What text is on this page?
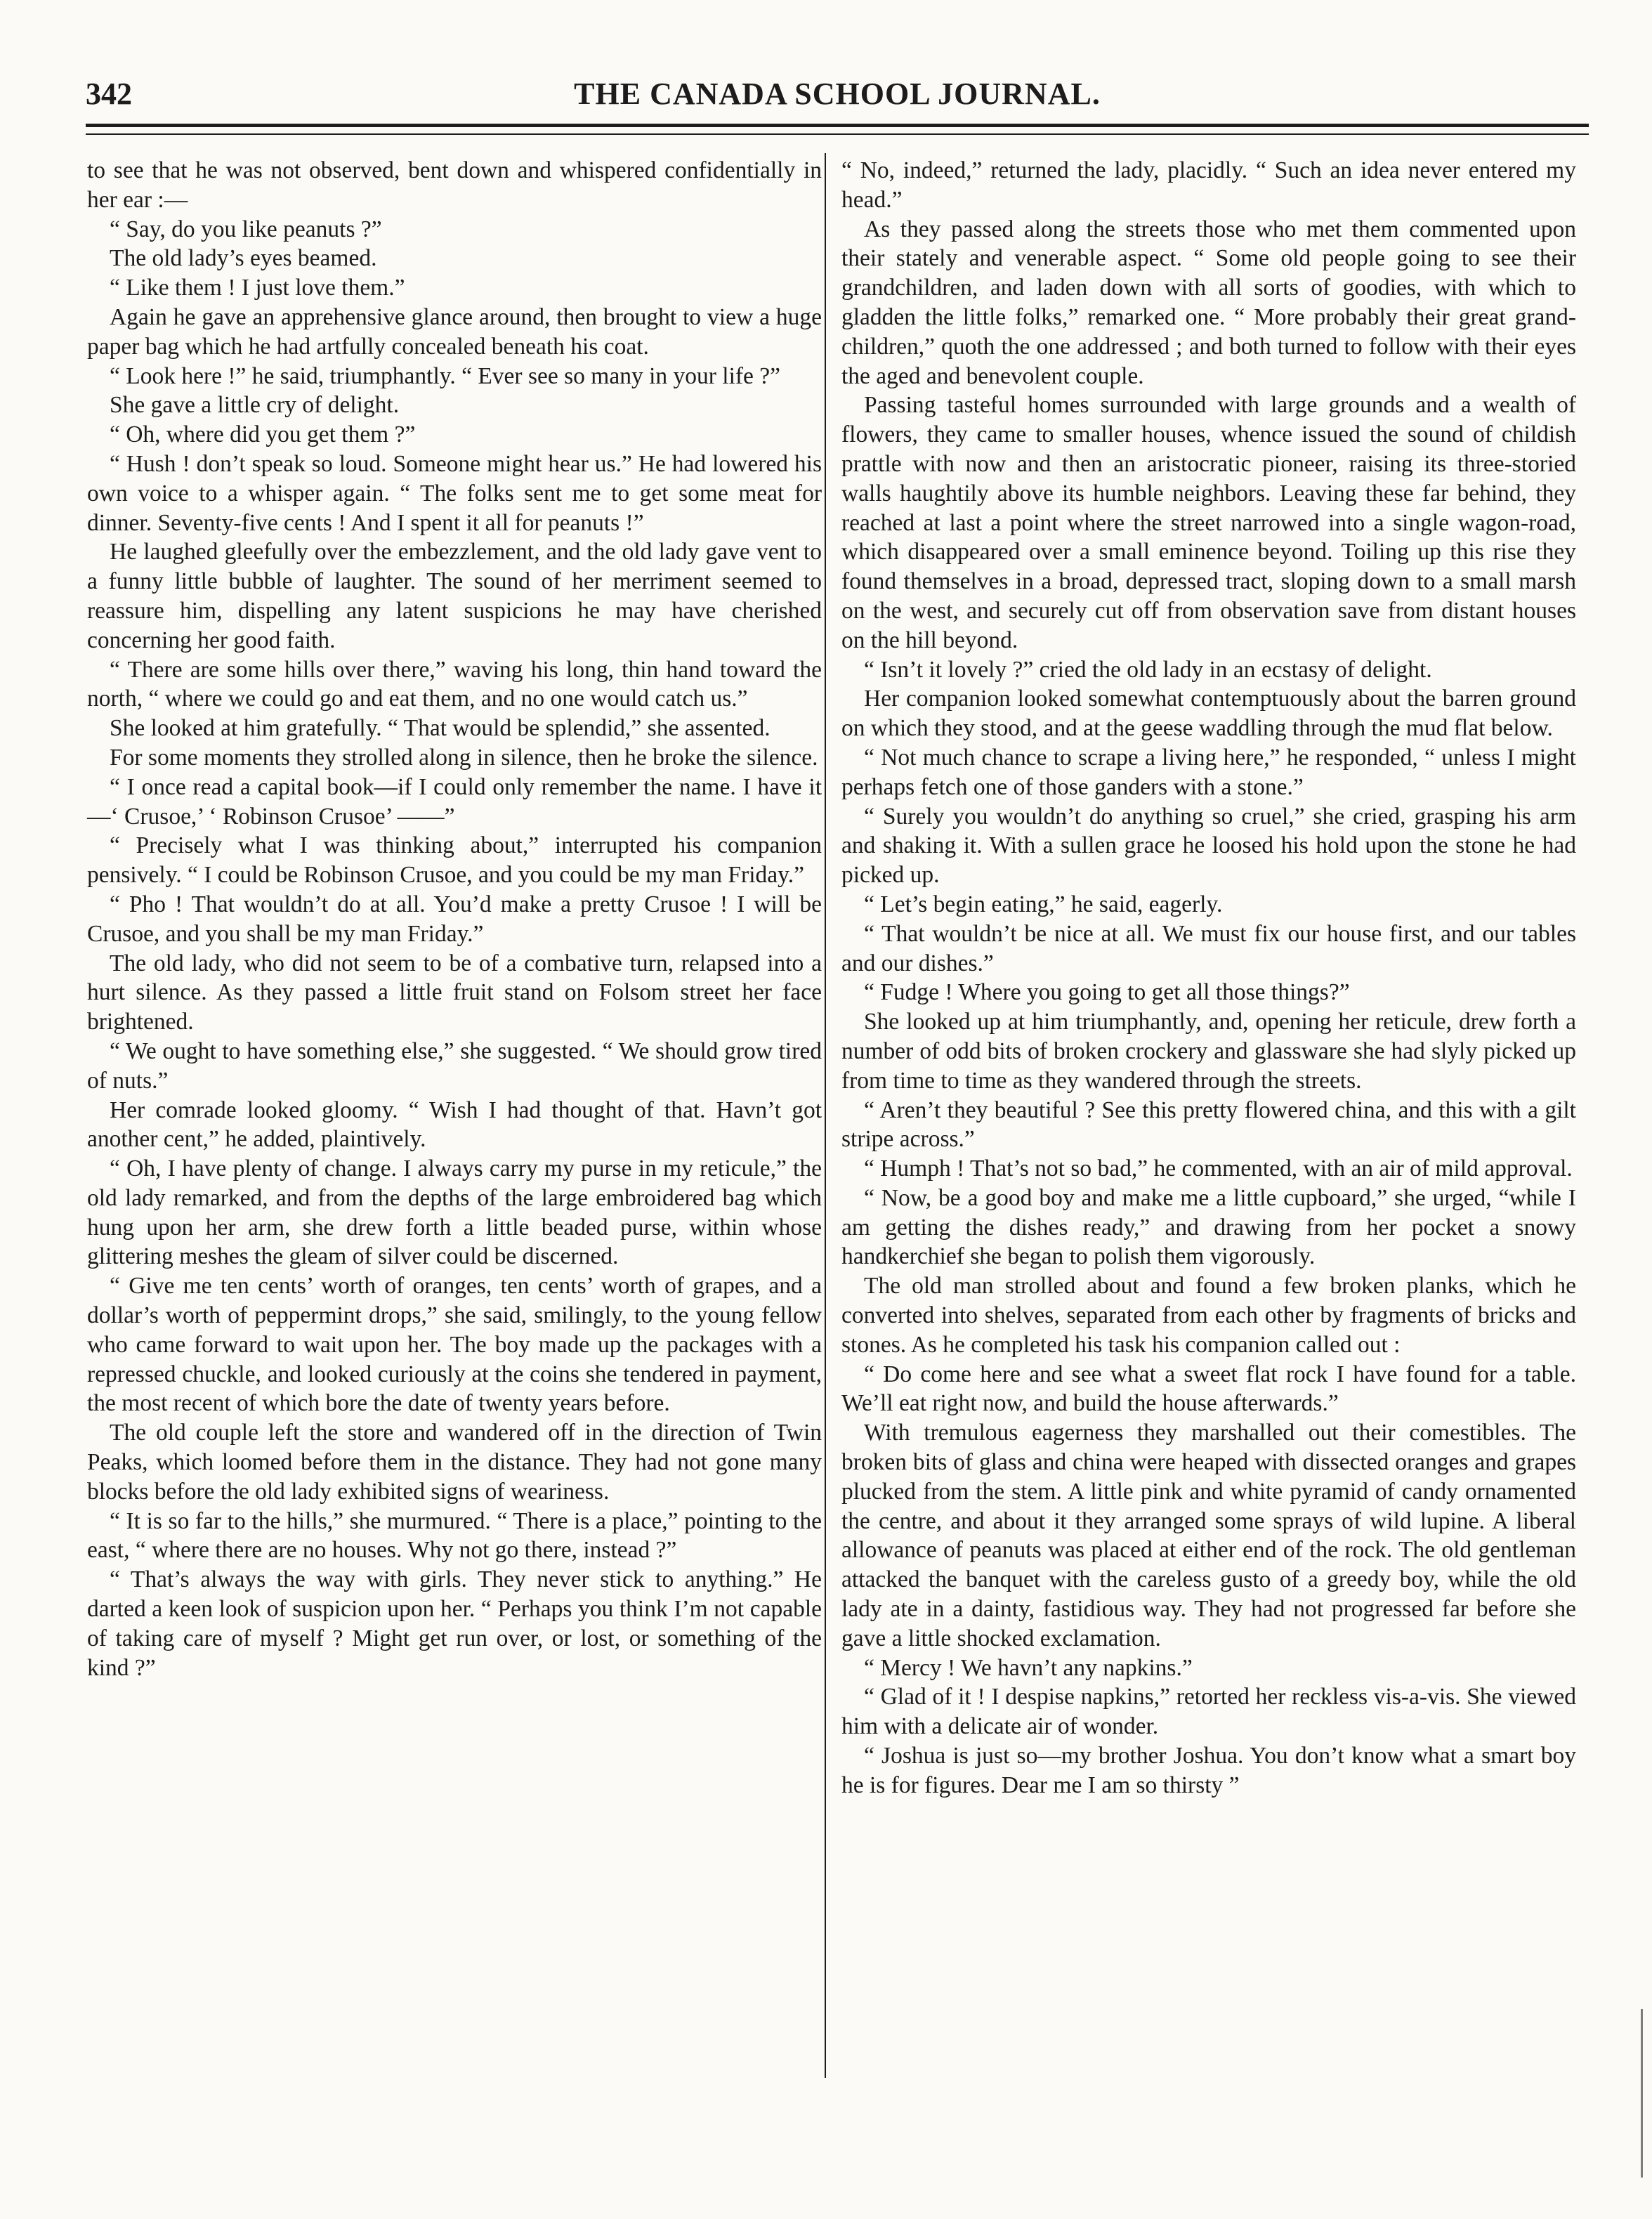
342	THE CANADA SCHOOL JOURNAL.

to see that he was not observed, bent down and whispered confidentially in her ear :—

“ Say, do you like peanuts ?”

The old lady’s eyes beamed.

“ Like them ! I just love them.”

Again he gave an apprehensive glance around, then brought to view a huge paper bag which he had artfully concealed beneath his coat.

“ Look here !” he said, triumphantly. “ Ever see so many in your life ?”

She gave a little cry of delight.

“ Oh, where did you get them ?”

“ Hush ! don’t speak so loud. Someone might hear us.” He had lowered his own voice to a whisper again. “ The folks sent me to get some meat for dinner. Seventy-five cents ! And I spent it all for peanuts !”

He laughed gleefully over the embezzlement, and the old lady gave vent to a funny little bubble of laughter. The sound of her merriment seemed to reassure him, dispelling any latent suspicions he may have cherished concerning her good faith.

“ There are some hills over there,” waving his long, thin hand toward the north, “ where we could go and eat them, and no one would catch us.”

She looked at him gratefully. “ That would be splendid,” she assented.

For some moments they strolled along in silence, then he broke the silence.

“ I once read a capital book—if I could only remember the name. I have it—‘ Crusoe,’ ‘ Robinson Crusoe’ ——”

“ Precisely what I was thinking about,” interrupted his companion pensively. “ I could be Robinson Crusoe, and you could be my man Friday.”

“ Pho ! That wouldn’t do at all. You’d make a pretty Crusoe ! I will be Crusoe, and you shall be my man Friday.”

The old lady, who did not seem to be of a combative turn, relapsed into a hurt silence. As they passed a little fruit stand on Folsom street her face brightened.

“ We ought to have something else,” she suggested. “ We should grow tired of nuts.”

Her comrade looked gloomy. “ Wish I had thought of that. Havn’t got another cent,” he added, plaintively.

“ Oh, I have plenty of change. I always carry my purse in my reticule,” the old lady remarked, and from the depths of the large embroidered bag which hung upon her arm, she drew forth a little beaded purse, within whose glittering meshes the gleam of silver could be discerned.

“ Give me ten cents’ worth of oranges, ten cents’ worth of grapes, and a dollar’s worth of peppermint drops,” she said, smilingly, to the young fellow who came forward to wait upon her. The boy made up the packages with a repressed chuckle, and looked curiously at the coins she tendered in payment, the most recent of which bore the date of twenty years before.

The old couple left the store and wandered off in the direction of Twin Peaks, which loomed before them in the distance. They had not gone many blocks before the old lady exhibited signs of weariness.

“ It is so far to the hills,” she murmured. “ There is a place,” pointing to the east, “ where there are no houses. Why not go there, instead ?”

“ That’s always the way with girls. They never stick to anything.” He darted a keen look of suspicion upon her. “ Perhaps you think I’m not capable of taking care of myself ? Might get run over, or lost, or something of the kind ?”

“ No, indeed,” returned the lady, placidly. “ Such an idea never entered my head.”

As they passed along the streets those who met them commented upon their stately and venerable aspect. “ Some old people going to see their grandchildren, and laden down with all sorts of goodies, with which to gladden the little folks,” remarked one. “ More probably their great grand-children,” quoth the one addressed ; and both turned to follow with their eyes the aged and benevolent couple.

Passing tasteful homes surrounded with large grounds and a wealth of flowers, they came to smaller houses, whence issued the sound of childish prattle with now and then an aristocratic pioneer, raising its three-storied walls haughtily above its humble neighbors. Leaving these far behind, they reached at last a point where the street narrowed into a single wagon-road, which disappeared over a small eminence beyond. Toiling up this rise they found themselves in a broad, depressed tract, sloping down to a small marsh on the west, and securely cut off from observation save from distant houses on the hill beyond.

“ Isn’t it lovely ?” cried the old lady in an ecstasy of delight.

Her companion looked somewhat contemptuously about the barren ground on which they stood, and at the geese waddling through the mud flat below.

“ Not much chance to scrape a living here,” he responded, “ unless I might perhaps fetch one of those ganders with a stone.”

“ Surely you wouldn’t do anything so cruel,” she cried, grasping his arm and shaking it. With a sullen grace he loosed his hold upon the stone he had picked up.

“ Let’s begin eating,” he said, eagerly.

“ That wouldn’t be nice at all. We must fix our house first, and our tables and our dishes.”

“ Fudge ! Where you going to get all those things?”

She looked up at him triumphantly, and, opening her reticule, drew forth a number of odd bits of broken crockery and glassware she had slyly picked up from time to time as they wandered through the streets.

“ Aren’t they beautiful ? See this pretty flowered china, and this with a gilt stripe across.”

“ Humph ! That’s not so bad,” he commented, with an air of mild approval.

“ Now, be a good boy and make me a little cupboard,” she urged, “while I am getting the dishes ready,” and drawing from her pocket a snowy handkerchief she began to polish them vigorously.

The old man strolled about and found a few broken planks, which he converted into shelves, separated from each other by fragments of bricks and stones. As he completed his task his companion called out :

“ Do come here and see what a sweet flat rock I have found for a table. We’ll eat right now, and build the house afterwards.”

With tremulous eagerness they marshalled out their comestibles. The broken bits of glass and china were heaped with dissected oranges and grapes plucked from the stem. A little pink and white pyramid of candy ornamented the centre, and about it they arranged some sprays of wild lupine. A liberal allowance of peanuts was placed at either end of the rock. The old gentleman attacked the banquet with the careless gusto of a greedy boy, while the old lady ate in a dainty, fastidious way. They had not progressed far before she gave a little shocked exclamation.

“ Mercy ! We havn’t any napkins.”

“ Glad of it ! I despise napkins,” retorted her reckless vis-a-vis. She viewed him with a delicate air of wonder.

“ Joshua is just so—my brother Joshua. You don’t know what a smart boy he is for figures. Dear me I am so thirsty ”
